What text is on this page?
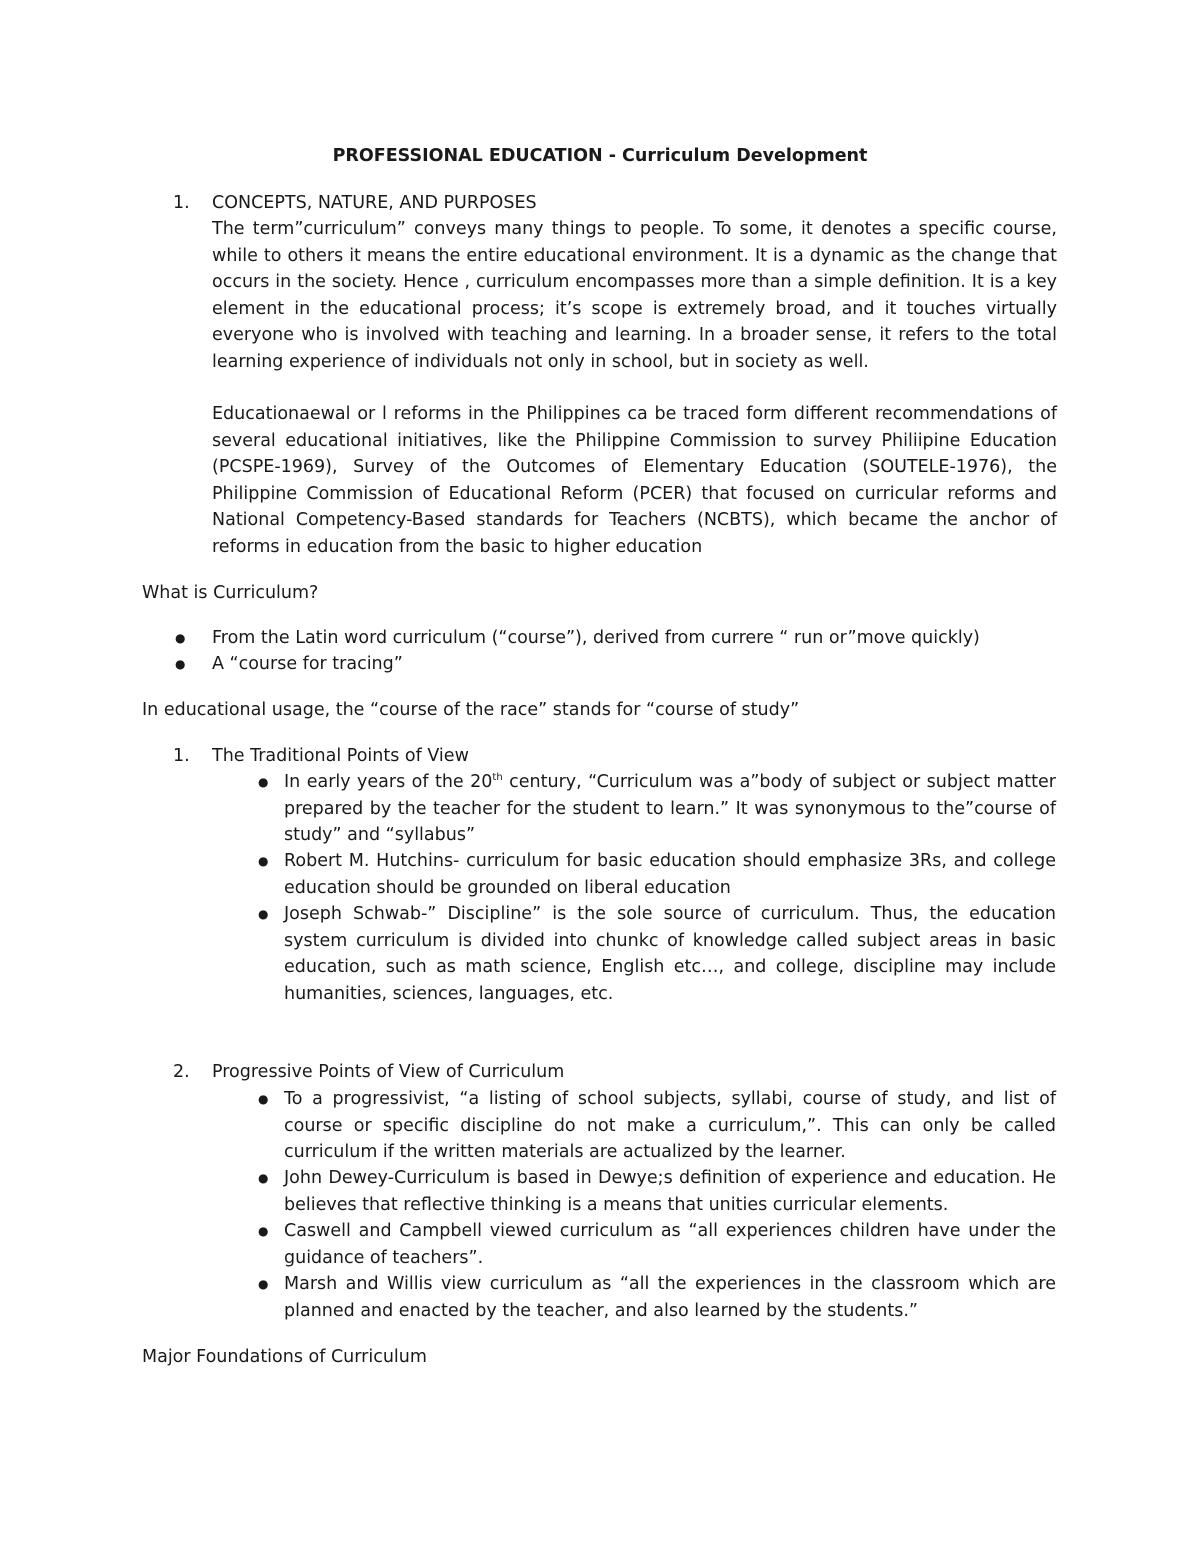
PROFESSIONAL EDUCATION - Curriculum Development
1. CONCEPTS, NATURE, AND PURPOSES

The term”curriculum” conveys many things to people. To some, it denotes a specific course, while to others it means the entire educational environment. It is a dynamic as the change that occurs in the society. Hence , curriculum encompasses more than a simple definition. It is a key element in the educational process; it’s scope is extremely broad, and it touches virtually everyone who is involved with teaching and learning. In a broader sense, it refers to the total learning experience of individuals not only in school, but in society as well.

Educationaewal or l reforms in the Philippines ca be traced form different recommendations of several educational initiatives, like the Philippine Commission to survey Philiipine Education (PCSPE-1969), Survey of the Outcomes of Elementary Education (SOUTELE-1976), the Philippine Commission of Educational Reform (PCER) that focused on curricular reforms and National Competency-Based standards for Teachers (NCBTS), which became the anchor of reforms in education from the basic to higher education

What is Curriculum?
● From the Latin word curriculum (“course”), derived from currere “ run or”move quickly)
● A “course for tracing”
In educational usage, the “course of the race” stands for “course of study”
1. The Traditional Points of View
● In early years of the 20th century, “Curriculum was a”body of subject or subject matter prepared by the teacher for the student to learn.” It was synonymous to the”course of study” and “syllabus”

● Robert M. Hutchins- curriculum for basic education should emphasize 3Rs, and college education should be grounded on liberal education

● Joseph Schwab-” Discipline” is the sole source of curriculum. Thus, the education system curriculum is divided into chunkc of knowledge called subject areas in basic education, such as math science, English etc…, and college, discipline may include humanities, sciences, languages, etc.

2. Progressive Points of View of Curriculum
● To a progressivist, “a listing of school subjects, syllabi, course of study, and list of course or specific discipline do not make a curriculum,”. This can only be called curriculum if the written materials are actualized by the learner.

● John Dewey-Curriculum is based in Dewye;s definition of experience and education. He believes that reflective thinking is a means that unities curricular elements.

● Caswell and Campbell viewed curriculum as “all experiences children have under the guidance of teachers”.

● Marsh and Willis view curriculum as “all the experiences in the classroom which are planned and enacted by the teacher, and also learned by the students.”

Major Foundations of Curriculum
